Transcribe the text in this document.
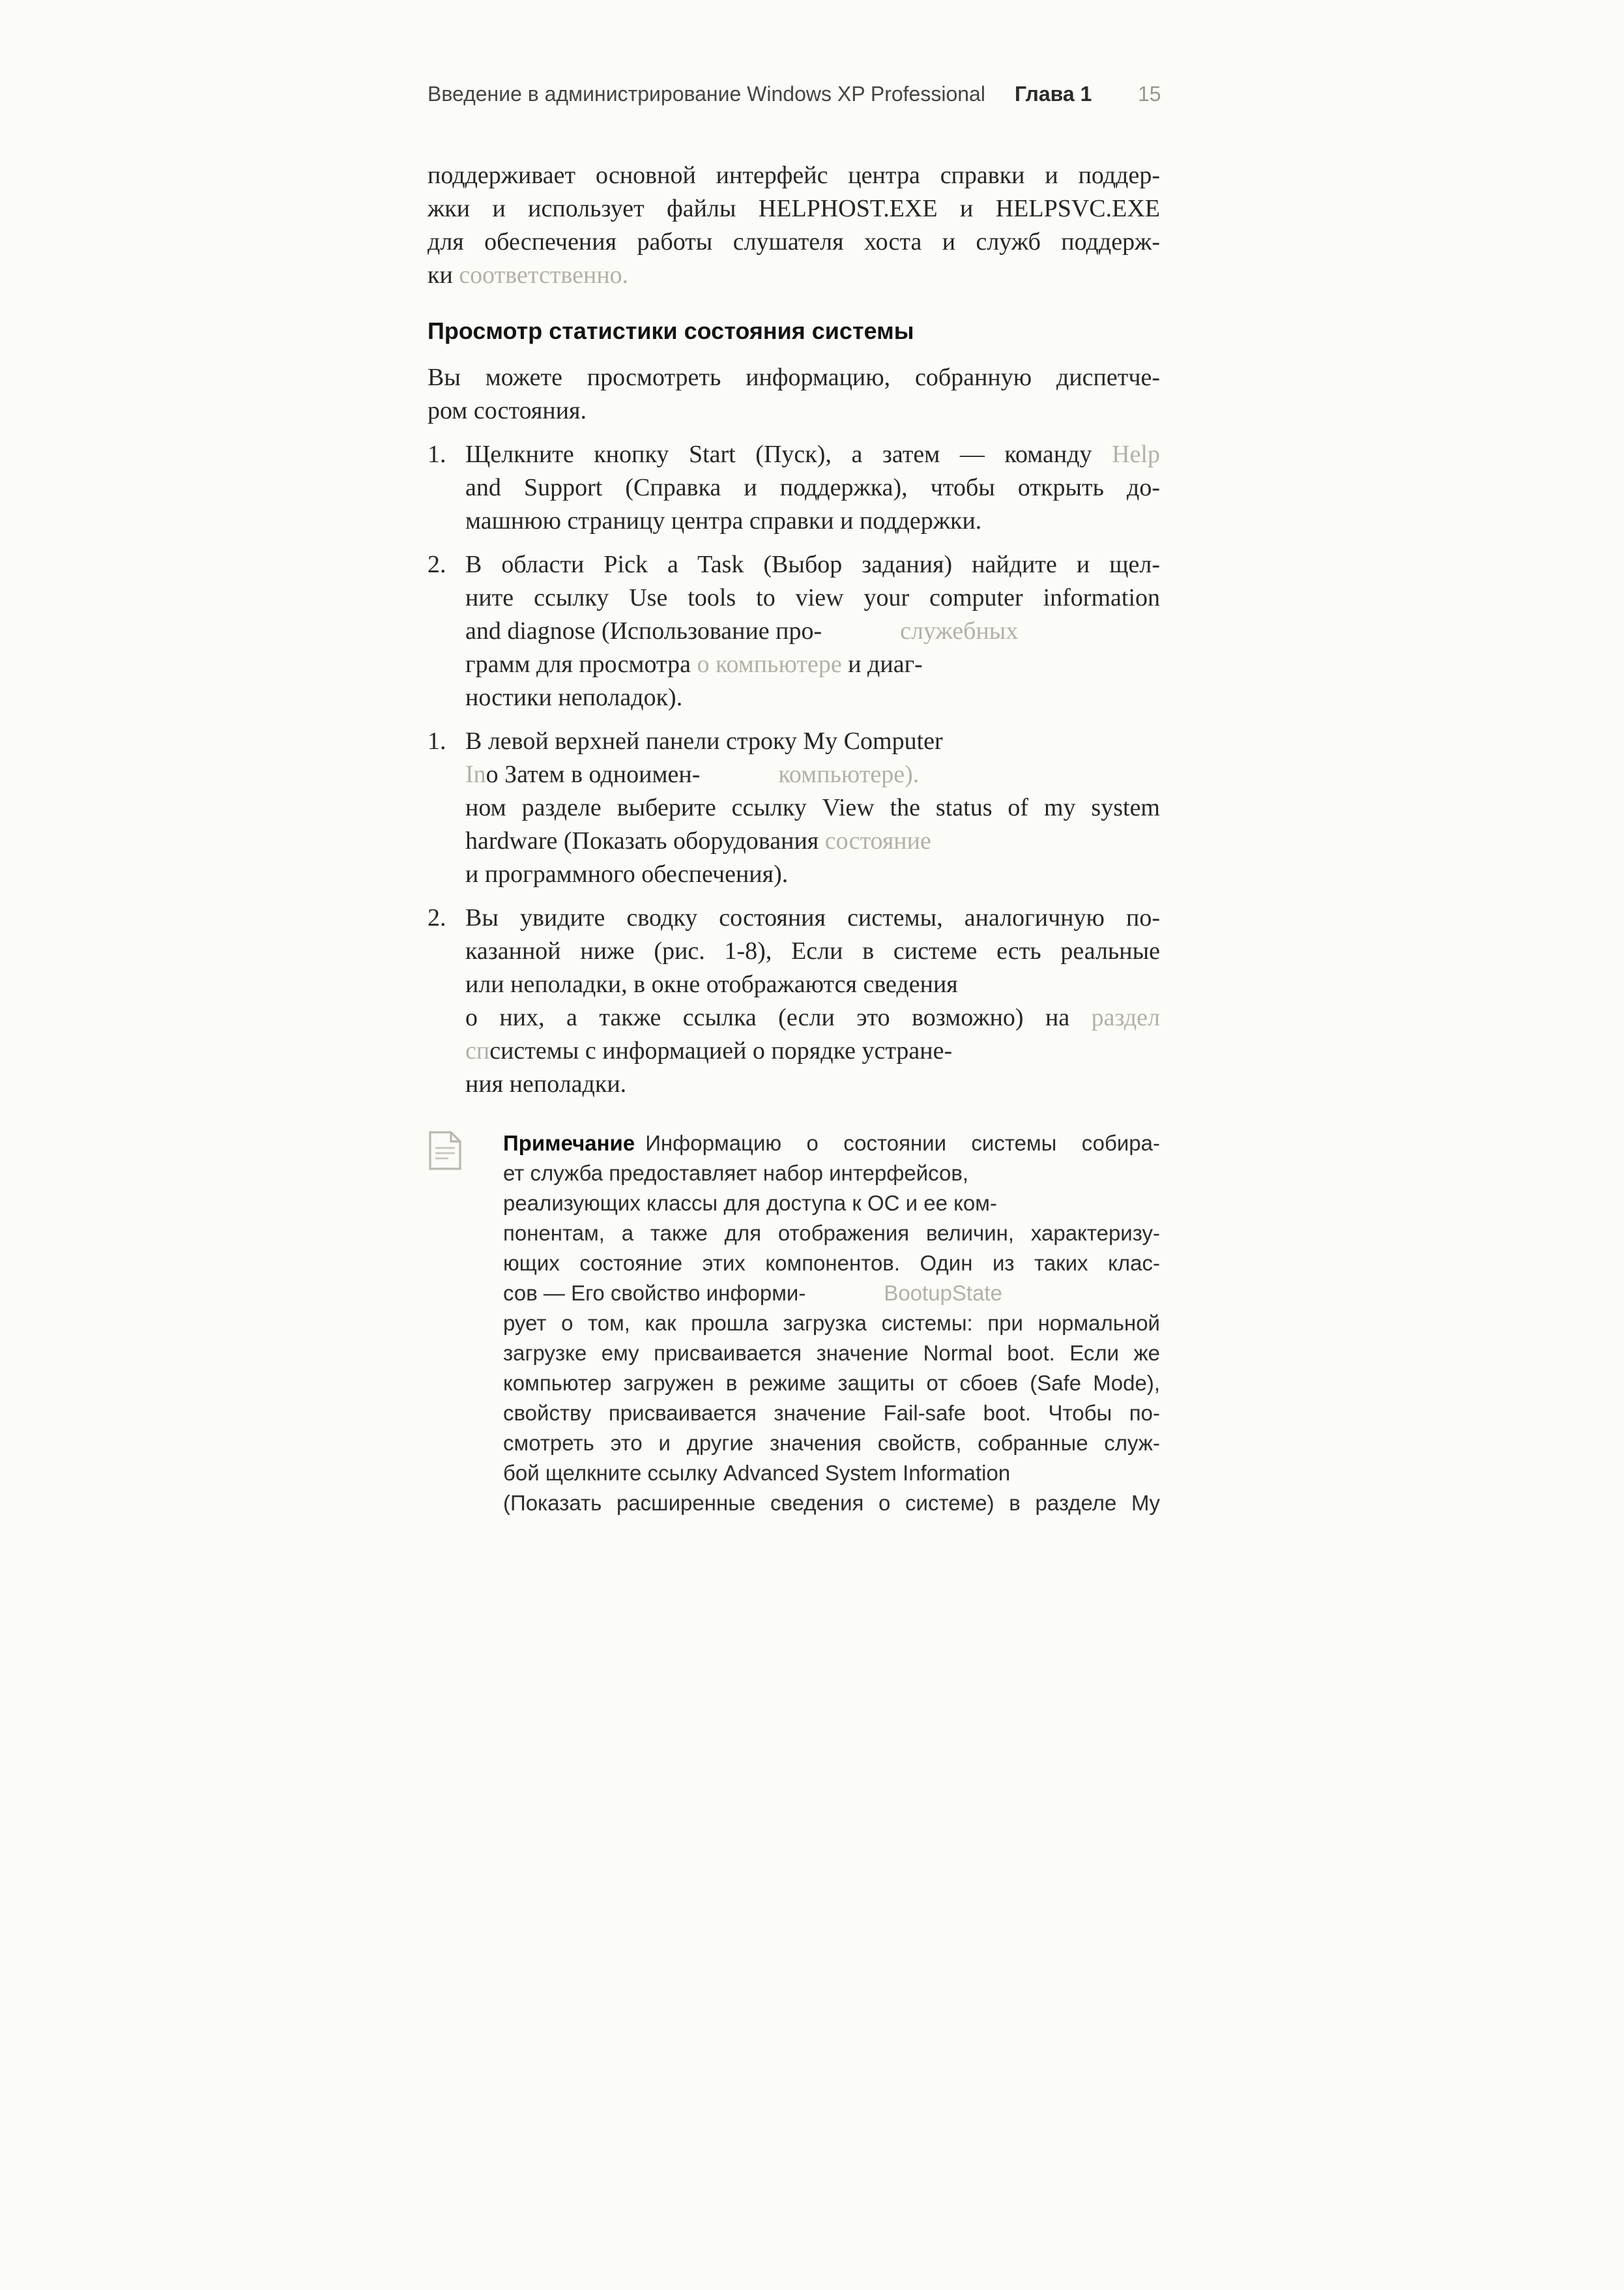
Введение в администрирование Windows XP Professional Глава 1 15
поддерживает основной интерфейс центра справки и поддер-
жки и использует файлы HELPHOST.EXE и HELPSVC.EXE
для обеспечения работы слушателя хоста и служб поддерж-
ки соответственно.
Просмотр статистики состояния системы
Вы можете просмотреть информацию, собранную диспетче-
ром состояния.
1. Щелкните кнопку Start (Пуск), а затем — команду Help
and Support (Справка и поддержка), чтобы открыть до-
машнюю страницу центра справки и поддержки.
2. В области Pick a Task (Выбор задания) найдите и щел-
ните ссылку Use tools to view your computer information
and diagnose (Использование про-	служебных
грамм для просмотра о компьютере и диаг-
ностики неполадок).
1. В левой верхней панели строку My Computer
Inо Затем в одноимен-	компьютере).
ном разделе выберите ссылку View the status of my system
hardware (Показать оборудования состояние
и программного обеспечения).
2. Вы увидите сводку состояния системы, аналогичную по-
казанной ниже (рис. 1-8), Если в системе есть реальные
или неполадки, в окне отображаются сведения
о них, а также ссылка (если это возможно) на раздел
спсистемы с информацией о порядке устране-
ния неполадки.
Примечание Информацию о состоянии системы собира-
ет служба предоставляет набор интерфейсов,
реализующих классы для доступа к ОС и ее ком-
понентам, а также для отображения величин, характеризу-
ющих состояние этих компонентов. Один из таких клас-
сов — Его свойство информи-	BootupState
рует о том, как прошла загрузка системы: при нормальной
загрузке ему присваивается значение Normal boot. Если же
компьютер загружен в режиме защиты от сбоев (Safe Mode),
свойству присваивается значение Fail-safe boot. Чтобы по-
смотреть это и другие значения свойств, собранные служ-
бой щелкните ссылку Advanced System Information
(Показать расширенные сведения о системе) в разделе My
